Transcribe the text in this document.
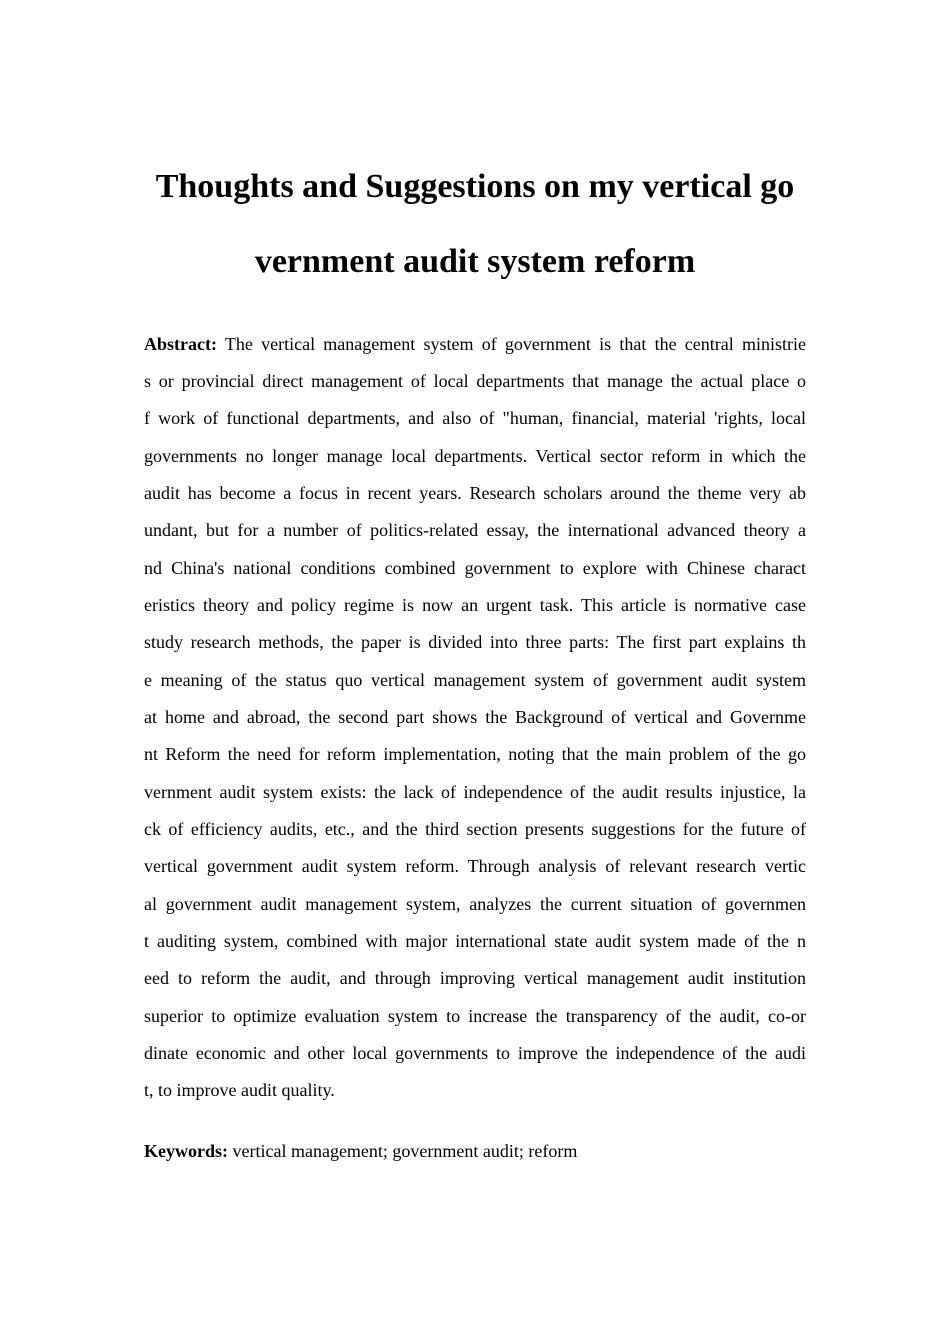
Thoughts and Suggestions on my vertical go
vernment audit system reform
Abstract: The vertical management system of government is that the central ministrie
s or provincial direct management of local departments that manage the actual place o
f work of functional departments, and also of "human, financial, material 'rights, local
governments no longer manage local departments. Vertical sector reform in which the
audit has become a focus in recent years. Research scholars around the theme very ab
undant, but for a number of politics-related essay, the international advanced theory a
nd China's national conditions combined government to explore with Chinese charact
eristics theory and policy regime is now an urgent task. This article is normative case
study research methods, the paper is divided into three parts: The first part explains th
e meaning of the status quo vertical management system of government audit system
at home and abroad, the second part shows the Background of vertical and Governme
nt Reform the need for reform implementation, noting that the main problem of the go
vernment audit system exists: the lack of independence of the audit results injustice, la
ck of efficiency audits, etc., and the third section presents suggestions for the future of
vertical government audit system reform. Through analysis of relevant research vertic
al government audit management system, analyzes the current situation of governmen
t auditing system, combined with major international state audit system made of the n
eed to reform the audit, and through improving vertical management audit institution
superior to optimize evaluation system to increase the transparency of the audit, co-or
dinate economic and other local governments to improve the independence of the audi
t, to improve audit quality.
Keywords: vertical management; government audit; reform
